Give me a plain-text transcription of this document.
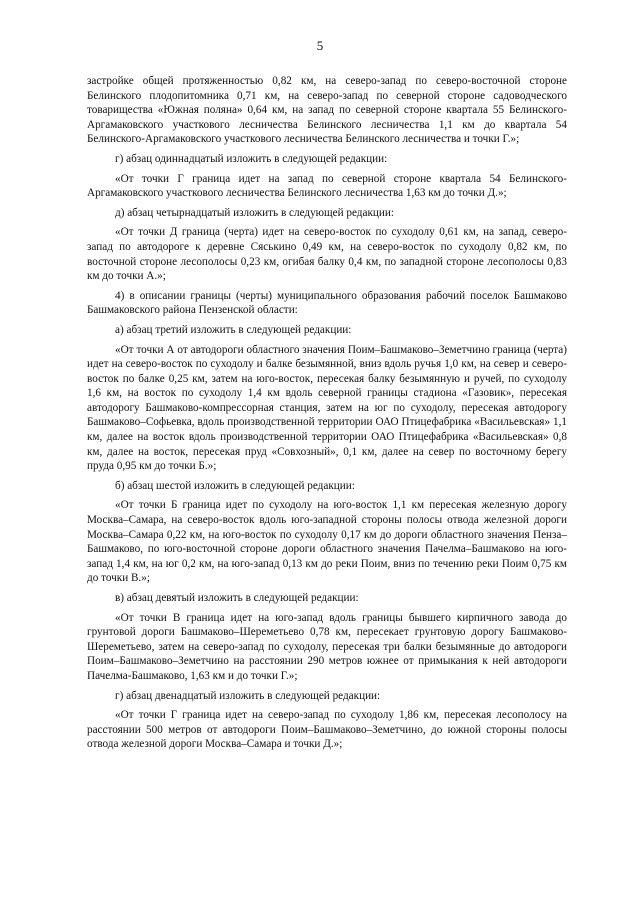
5

застройке общей протяженностью 0,82 км, на северо-запад по северо-восточной стороне Белинского плодопитомника 0,71 км, на северо-запад по северной стороне садоводческого товарищества «Южная поляна» 0,64 км, на запад по северной стороне квартала 55 Белинского-Аргамаковского участкового лесничества Белинского лесничества 1,1 км до квартала 54 Белинского-Аргамаковского участкового лесничества Белинского лесничества и точки Г.»;

г) абзац одиннадцатый изложить в следующей редакции:

«От точки Г граница идет на запад по северной стороне квартала 54 Белинского-Аргамаковского участкового лесничества Белинского лесничества 1,63 км до точки Д.»;

д) абзац четырнадцатый изложить в следующей редакции:

«От точки Д граница (черта) идет на северо-восток по суходолу 0,61 км, на запад, северо-запад по автодороге к деревне Сяськино 0,49 км, на северо-восток по суходолу 0,82 км, по восточной стороне лесополосы 0,23 км, огибая балку 0,4 км, по западной стороне лесополосы 0,83 км до точки А.»;

4) в описании границы (черты) муниципального образования рабочий поселок Башмаково Башмаковского района Пензенской области:

а) абзац третий изложить в следующей редакции:

«От точки А от автодороги областного значения Поим–Башмаково–Земетчино граница (черта) идет на северо-восток по суходолу и балке безымянной, вниз вдоль ручья 1,0 км, на север и северо-восток по балке 0,25 км, затем на юго-восток, пересекая балку безымянную и ручей, по суходолу 1,6 км, на восток по суходолу 1,4 км вдоль северной границы стадиона «Газовик», пересекая автодорогу Башмаково-компрессорная станция, затем на юг по суходолу, пересекая автодорогу Башмаково–Софьевка, вдоль производственной территории ОАО Птицефабрика «Васильевская» 1,1 км, далее на восток вдоль производственной территории ОАО Птицефабрика «Васильевская» 0,8 км, далее на восток, пересекая пруд «Совхозный», 0,1 км, далее на север по восточному берегу пруда 0,95 км до точки Б.»;

б) абзац шестой изложить в следующей редакции:

«От точки Б граница идет по суходолу на юго-восток 1,1 км пересекая железную дорогу Москва–Самара, на северо-восток вдоль юго-западной стороны полосы отвода железной дороги Москва–Самара 0,22 км, на юго-восток по суходолу 0,17 км до дороги областного значения Пенза–Башмаково, по юго-восточной стороне дороги областного значения Пачелма–Башмаково на юго-запад 1,4 км, на юг 0,2 км, на юго-запад 0,13 км до реки Поим, вниз по течению реки Поим 0,75 км до точки В.»;

в) абзац девятый изложить в следующей редакции:

«От точки В граница идет на юго-запад вдоль границы бывшего кирпичного завода до грунтовой дороги Башмаково–Шереметьево 0,78 км, пересекает грунтовую дорогу Башмаково-Шереметьево, затем на северо-запад по суходолу, пересекая три балки безымянные до автодороги Поим–Башмаково–Земетчино на расстоянии 290 метров южнее от примыкания к ней автодороги Пачелма-Башмаково, 1,63 км и до точки Г.»;

г) абзац двенадцатый изложить в следующей редакции:

«От точки Г граница идет на северо-запад по суходолу 1,86 км, пересекая лесополосу на расстоянии 500 метров от автодороги Поим–Башмаково–Земетчино, до южной стороны полосы отвода железной дороги Москва–Самара и точки Д.»;
